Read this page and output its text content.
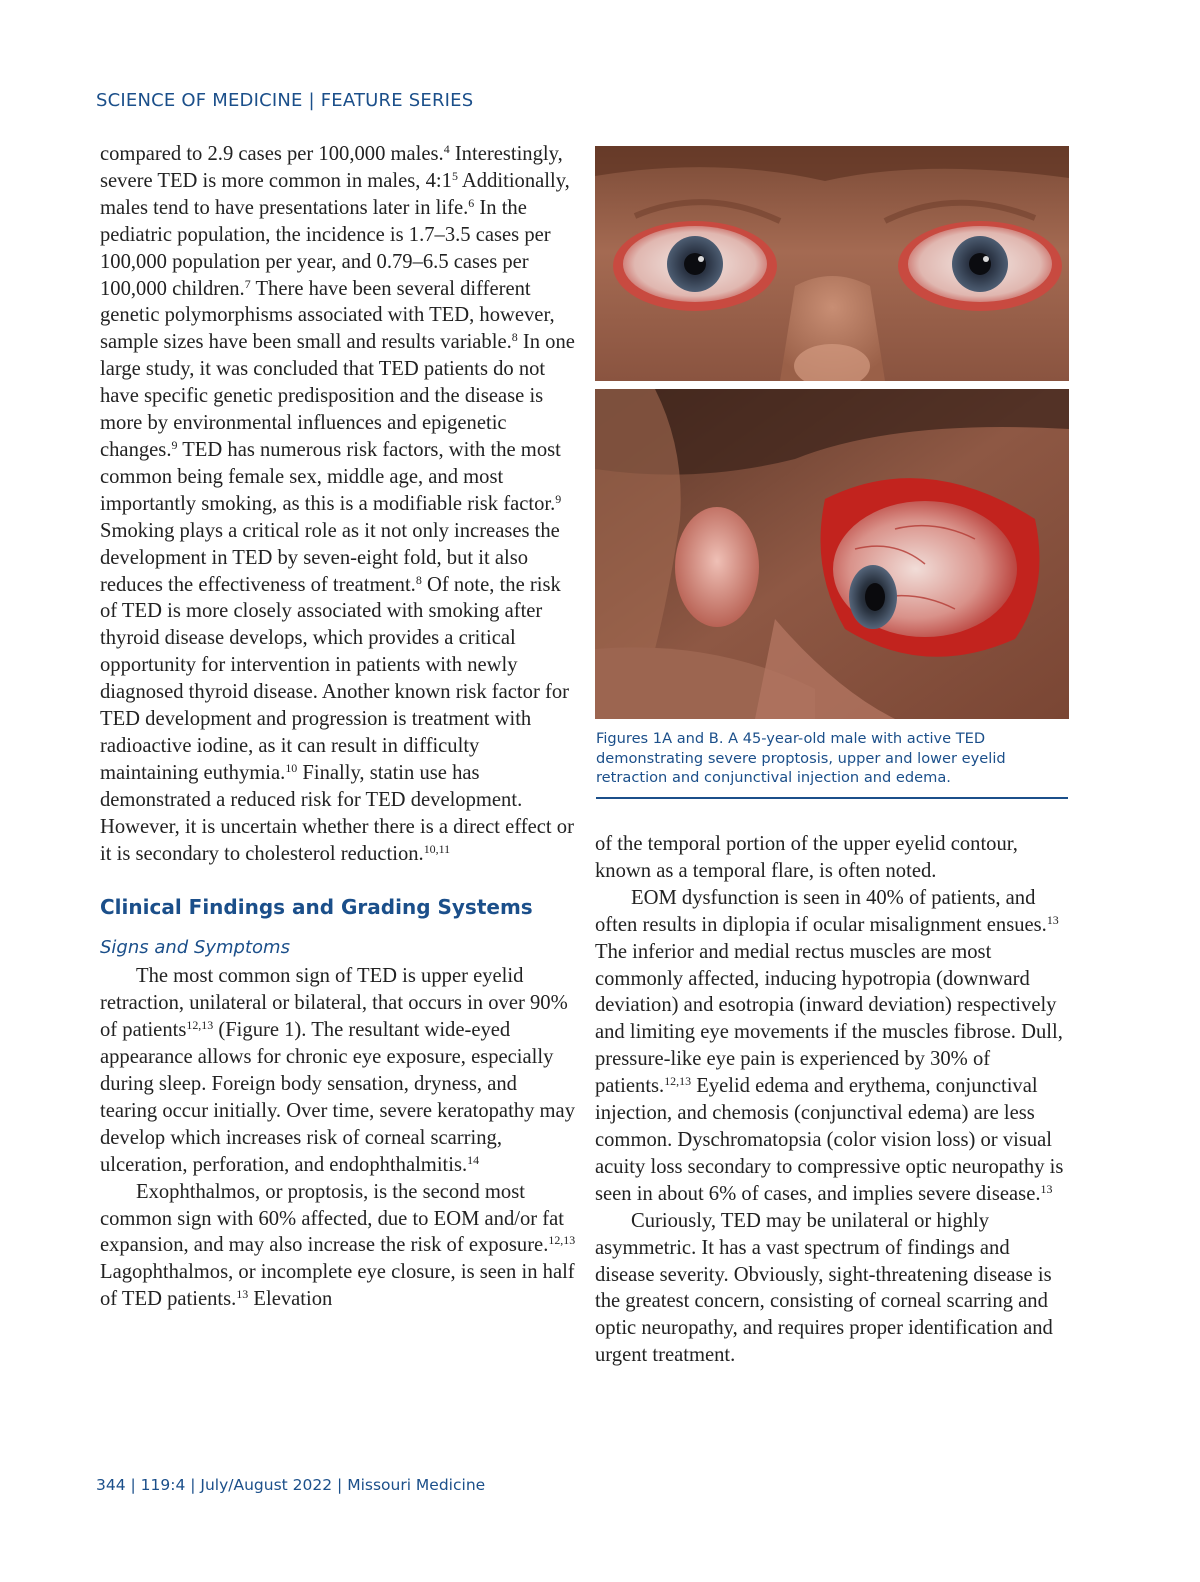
SCIENCE OF MEDICINE | FEATURE SERIES

compared to 2.9 cases per 100,000 males.$^4$ Interestingly, severe TED is more common in males, $4:1^5$ Additionally, males tend to have presentations later in life.$^6$ In the pediatric population, the incidence is 1.7–3.5 cases per 100,000 population per year, and 0.79–6.5 cases per 100,000 children.$^7$ There have been several different genetic polymorphisms associated with TED, however, sample sizes have been small and results variable.$^8$ In one large study, it was concluded that TED patients do not have specific genetic predisposition and the disease is more by environmental influences and epigenetic changes.$^9$ TED has numerous risk factors, with the most common being female sex, middle age, and most importantly smoking, as this is a modifiable risk factor.$^9$ Smoking plays a critical role as it not only increases the development in TED by seven-eight fold, but it also reduces the effectiveness of treatment.$^8$ Of note, the risk of TED is more closely associated with smoking after thyroid disease develops, which provides a critical opportunity for intervention in patients with newly diagnosed thyroid disease. Another known risk factor for TED development and progression is treatment with radioactive iodine, as it can result in difficulty maintaining euthymia.$^{10}$ Finally, statin use has demonstrated a reduced risk for TED development. However, it is uncertain whether there is a direct effect or it is secondary to cholesterol reduction.$^{10,11}$

Clinical Findings and Grading Systems
Signs and Symptoms

The most common sign of TED is upper eyelid retraction, unilateral or bilateral, that occurs in over 90% of patients$^{12,13}$ (Figure 1). The resultant wide-eyed appearance allows for chronic eye exposure, especially during sleep. Foreign body sensation, dryness, and tearing occur initially. Over time, severe keratopathy may develop which increases risk of corneal scarring, ulceration, perforation, and endophthalmitis.$^{14}$

Exophthalmos, or proptosis, is the second most common sign with 60% affected, due to EOM and/or fat expansion, and may also increase the risk of exposure.$^{12,13}$ Lagophthalmos, or incomplete eye closure, is seen in half of TED patients.$^{13}$ Elevation

Figures 1A and B. A 45-year-old male with active TED demonstrating severe proptosis, upper and lower eyelid retraction and conjunctival injection and edema.

of the temporal portion of the upper eyelid contour, known as a temporal flare, is often noted.

EOM dysfunction is seen in 40% of patients, and often results in diplopia if ocular misalignment ensues.$^{13}$ The inferior and medial rectus muscles are most commonly affected, inducing hypotropia (downward deviation) and esotropia (inward deviation) respectively and limiting eye movements if the muscles fibrose. Dull, pressure-like eye pain is experienced by 30% of patients.$^{12,13}$ Eyelid edema and erythema, conjunctival injection, and chemosis (conjunctival edema) are less common. Dyschromatopsia (color vision loss) or visual acuity loss secondary to compressive optic neuropathy is seen in about 6% of cases, and implies severe disease.$^{13}$

Curiously, TED may be unilateral or highly asymmetric. It has a vast spectrum of findings and disease severity. Obviously, sight-threatening disease is the greatest concern, consisting of corneal scarring and optic neuropathy, and requires proper identification and urgent treatment.

344 | 119:4 | July/August 2022 | Missouri Medicine
